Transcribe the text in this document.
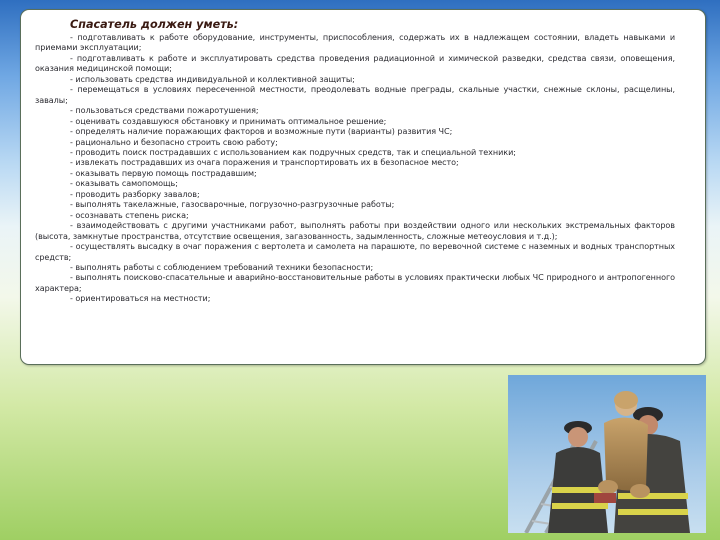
Спасатель должен уметь:

- подготавливать к работе оборудование, инструменты, приспособления, содержать их в надлежащем состоянии, владеть навыками и приемами эксплуатации;

- подготавливать к работе и эксплуатировать средства проведения радиационной и химической разведки, средства связи, оповещения, оказания медицинской помощи;

- использовать средства индивидуальной и коллективной защиты;

- перемещаться в условиях пересеченной местности, преодолевать водные преграды, скальные участки, снежные склоны, расщелины, завалы;

- пользоваться средствами пожаротушения;

- оценивать создавшуюся обстановку и принимать оптимальное решение;

- определять наличие поражающих факторов и возможные пути (варианты) развития ЧС;

- рационально и безопасно строить свою работу;

- проводить поиск пострадавших с использованием как подручных средств, так и специальной техники;

- извлекать пострадавших из очага поражения и транспортировать их в безопасное место;

- оказывать первую помощь пострадавшим;

- оказывать самопомощь;

- проводить разборку завалов;

- выполнять такелажные, газосварочные, погрузочно-разгрузочные работы;

- осознавать степень риска;

- взаимодействовать с другими участниками работ, выполнять работы при воздействии одного или нескольких экстремальных факторов (высота, замкнутые пространства, отсутствие освещения, загазованность, задымленность, сложные метеоусловия и т.д.);

- осуществлять высадку в очаг поражения с вертолета и самолета на парашюте, по веревочной системе с наземных и водных транспортных средств;

- выполнять работы с соблюдением требований техники безопасности;

- выполнять поисково-спасательные и аварийно-восстановительные работы в условиях практически любых ЧС природного и антропогенного характера;

- ориентироваться на местности;
